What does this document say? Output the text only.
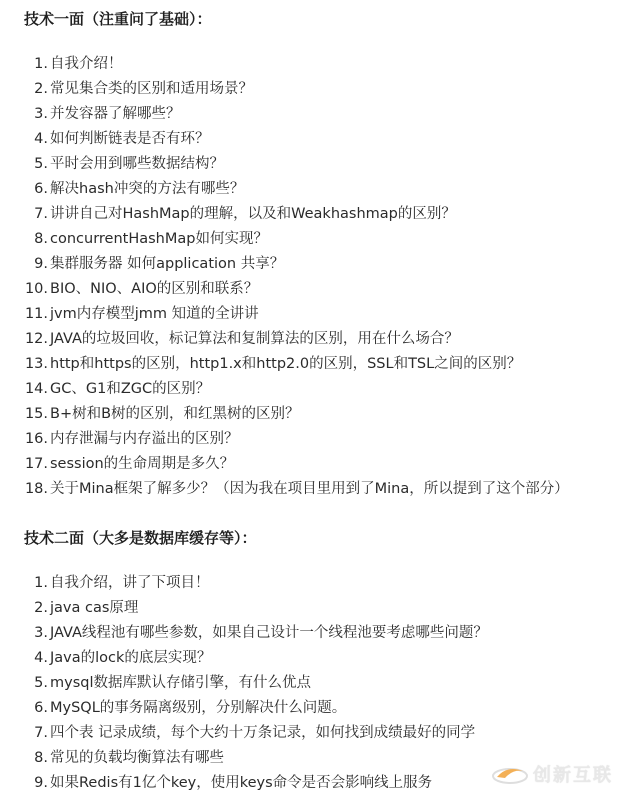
技术一面（注重问了基础）：
1. 自我介绍！
2. 常见集合类的区别和适用场景？
3. 并发容器了解哪些？
4. 如何判断链表是否有环？
5. 平时会用到哪些数据结构？
6. 解决hash冲突的方法有哪些？
7. 讲讲自己对HashMap的理解，以及和Weakhashmap的区别？
8. concurrentHashMap如何实现？
9. 集群服务器 如何application 共享？
10. BIO、NIO、AIO的区别和联系？
11. jvm内存模型jmm 知道的全讲讲
12. JAVA的垃圾回收，标记算法和复制算法的区别，用在什么场合？
13. http和https的区别，http1.x和http2.0的区别，SSL和TSL之间的区别？
14. GC、G1和ZGC的区别？
15. B+树和B树的区别，和红黑树的区别？
16. 内存泄漏与内存溢出的区别？
17. session的生命周期是多久？
18. 关于Mina框架了解多少？（因为我在项目里用到了Mina，所以提到了这个部分）
技术二面（大多是数据库缓存等）：
1. 自我介绍，讲了下项目！
2. java cas原理
3. JAVA线程池有哪些参数，如果自己设计一个线程池要考虑哪些问题？
4. Java的lock的底层实现？
5. mysql数据库默认存储引擎，有什么优点
6. MySQL的事务隔离级别，分别解决什么问题。
7. 四个表 记录成绩，每个大约十万条记录，如何找到成绩最好的同学
8. 常见的负载均衡算法有哪些
9. 如果Redis有1亿个key，使用keys命令是否会影响线上服务	创新互联
